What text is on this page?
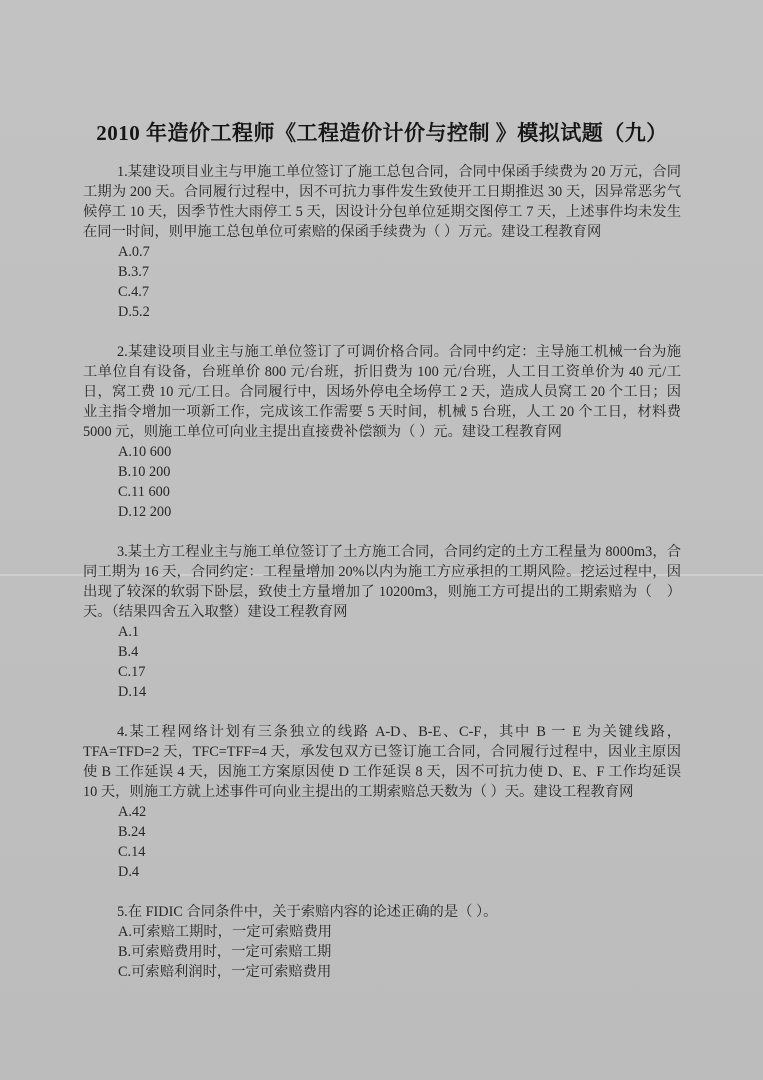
2010 年造价工程师《工程造价计价与控制 》模拟试题（九）

1.某建设项目业主与甲施工单位签订了施工总包合同，合同中保函手续费为 20 万元，合同工期为 200 天。合同履行过程中，因不可抗力事件发生致使开工日期推迟 30 天，因异常恶劣气候停工 10 天，因季节性大雨停工 5 天，因设计分包单位延期交图停工 7 天，上述事件均未发生在同一时间，则甲施工总包单位可索赔的保函手续费为（ ）万元。建设工程教育网

A.0.7
B.3.7
C.4.7
D.5.2

2.某建设项目业主与施工单位签订了可调价格合同。合同中约定：主导施工机械一台为施工单位自有设备，台班单价 800 元/台班，折旧费为 100 元/台班，人工日工资单价为 40 元/工日，窝工费 10 元/工日。合同履行中，因场外停电全场停工 2 天，造成人员窝工 20 个工日；因业主指令增加一项新工作，完成该工作需要 5 天时间，机械 5 台班，人工 20 个工日，材料费 5000 元，则施工单位可向业主提出直接费补偿额为（ ）元。建设工程教育网

A.10 600
B.10 200
C.11 600
D.12 200

3.某土方工程业主与施工单位签订了土方施工合同，合同约定的土方工程量为 8000m3，合同工期为 16 天，合同约定：工程量增加 20%以内为施工方应承担的工期风险。挖运过程中，因出现了较深的软弱下卧层，致使土方量增加了 10200m3，则施工方可提出的工期索赔为（　）天。（结果四舍五入取整）建设工程教育网

A.1
B.4
C.17
D.14

4.某工程网络计划有三条独立的线路 A-D、B-E、C-F，其中 B 一 E 为关键线路，TFA=TFD=2 天，TFC=TFF=4 天，承发包双方已签订施工合同，合同履行过程中，因业主原因使 B 工作延误 4 天，因施工方案原因使 D 工作延误 8 天，因不可抗力使 D、E、F 工作均延误 10 天，则施工方就上述事件可向业主提出的工期索赔总天数为（ ）天。建设工程教育网

A.42
B.24
C.14
D.4

5.在 FIDIC 合同条件中，关于索赔内容的论述正确的是（ ）。

A.可索赔工期时，一定可索赔费用
B.可索赔费用时，一定可索赔工期
C.可索赔利润时，一定可索赔费用
